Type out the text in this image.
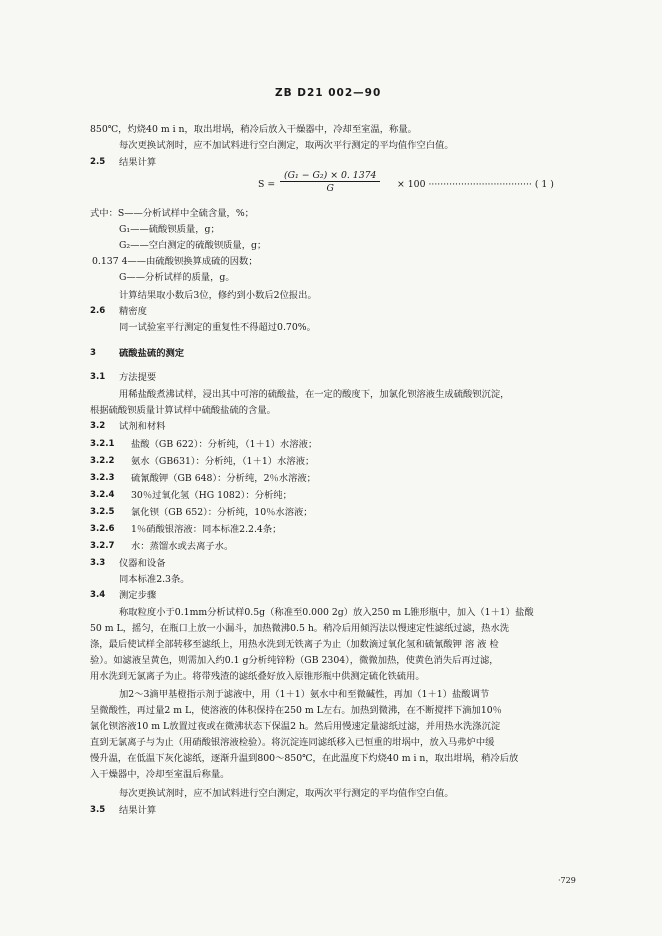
ZB D21 002—90
850℃，灼烧40 m i n，取出坩埚，稍冷后放入干燥器中，冷却至室温，称量。
每次更换试剂时，应不加试料进行空白测定，取两次平行测定的平均值作空白值。
2.5 结果计算
$S = \frac{\text{(G₁ − G₂) × 0. 1374}}{G} \times 100$ ··································· ( 1 )
式中：S——分析试样中全硫含量，%；
G₁——硫酸钡质量，g；
G₂——空白测定的硫酸钡质量，g；
0.137 4——由硫酸钡换算成硫的因数；
G——分析试样的质量，g。
计算结果取小数后3位，修约到小数后2位报出。
2.6 精密度
同一试验室平行测定的重复性不得超过0.70%。
3 硫酸盐硫的测定
3.1 方法提要
用稀盐酸煮沸试样，浸出其中可溶的硫酸盐，在一定的酸度下，加氯化钡溶液生成硫酸钡沉淀，
根据硫酸钡质量计算试样中硫酸盐硫的含量。
3.2 试剂和材料
3.2.1 盐酸（GB 622）：分析纯，（1＋1）水溶液；
3.2.2 氨水（GB631）：分析纯，（1＋1）水溶液；
3.2.3 硫氰酸钾（GB 648）：分析纯，2％水溶液；
3.2.4 30％过氧化氢（HG 1082）：分析纯；
3.2.5 氯化钡（GB 652）：分析纯，10％水溶液；
3.2.6 1％硝酸银溶液：同本标准2.2.4条；
3.2.7 水：蒸馏水或去离子水。
3.3 仪器和设备
同本标准2.3条。
3.4 测定步骤
称取粒度小于0.1mm分析试样0.5g（称准至0.000 2g）放入250 m L锥形瓶中，加入（1＋1）盐酸
50 m L，摇匀，在瓶口上放一小漏斗，加热微沸0.5 h。稍冷后用倾泻法以慢速定性滤纸过滤，热水洗
涤，最后使试样全部转移至滤纸上，用热水洗到无铁离子为止（加数滴过氧化氢和硫氰酸钾 溶 液 检
验）。如滤液呈黄色，则需加入约0.1 g分析纯锌粉（GB 2304），微微加热，使黄色消失后再过滤，
用水洗到无氯离子为止。将带残渣的滤纸叠好放入原锥形瓶中供测定硫化铁硫用。
加2～3滴甲基橙指示剂于滤液中，用（1＋1）氨水中和至微碱性，再加（1＋1）盐酸调节
呈微酸性，再过量2 m L，使溶液的体积保持在250 m L左右。加热到微沸，在不断搅拌下滴加10％
氯化钡溶液10 m L放置过夜或在微沸状态下保温2 h。然后用慢速定量滤纸过滤，并用热水洗涤沉淀
直到无氯离子与为止（用硝酸银溶液检验）。将沉淀连同滤纸移入已恒重的坩埚中，放入马弗炉中缓
慢升温，在低温下灰化滤纸，逐渐升温到800～850℃，在此温度下灼烧40 m i n，取出坩埚，稍冷后放
入干燥器中，冷却至室温后称量。
每次更换试剂时，应不加试料进行空白测定，取两次平行测定的平均值作空白值。
3.5 结果计算
·729
